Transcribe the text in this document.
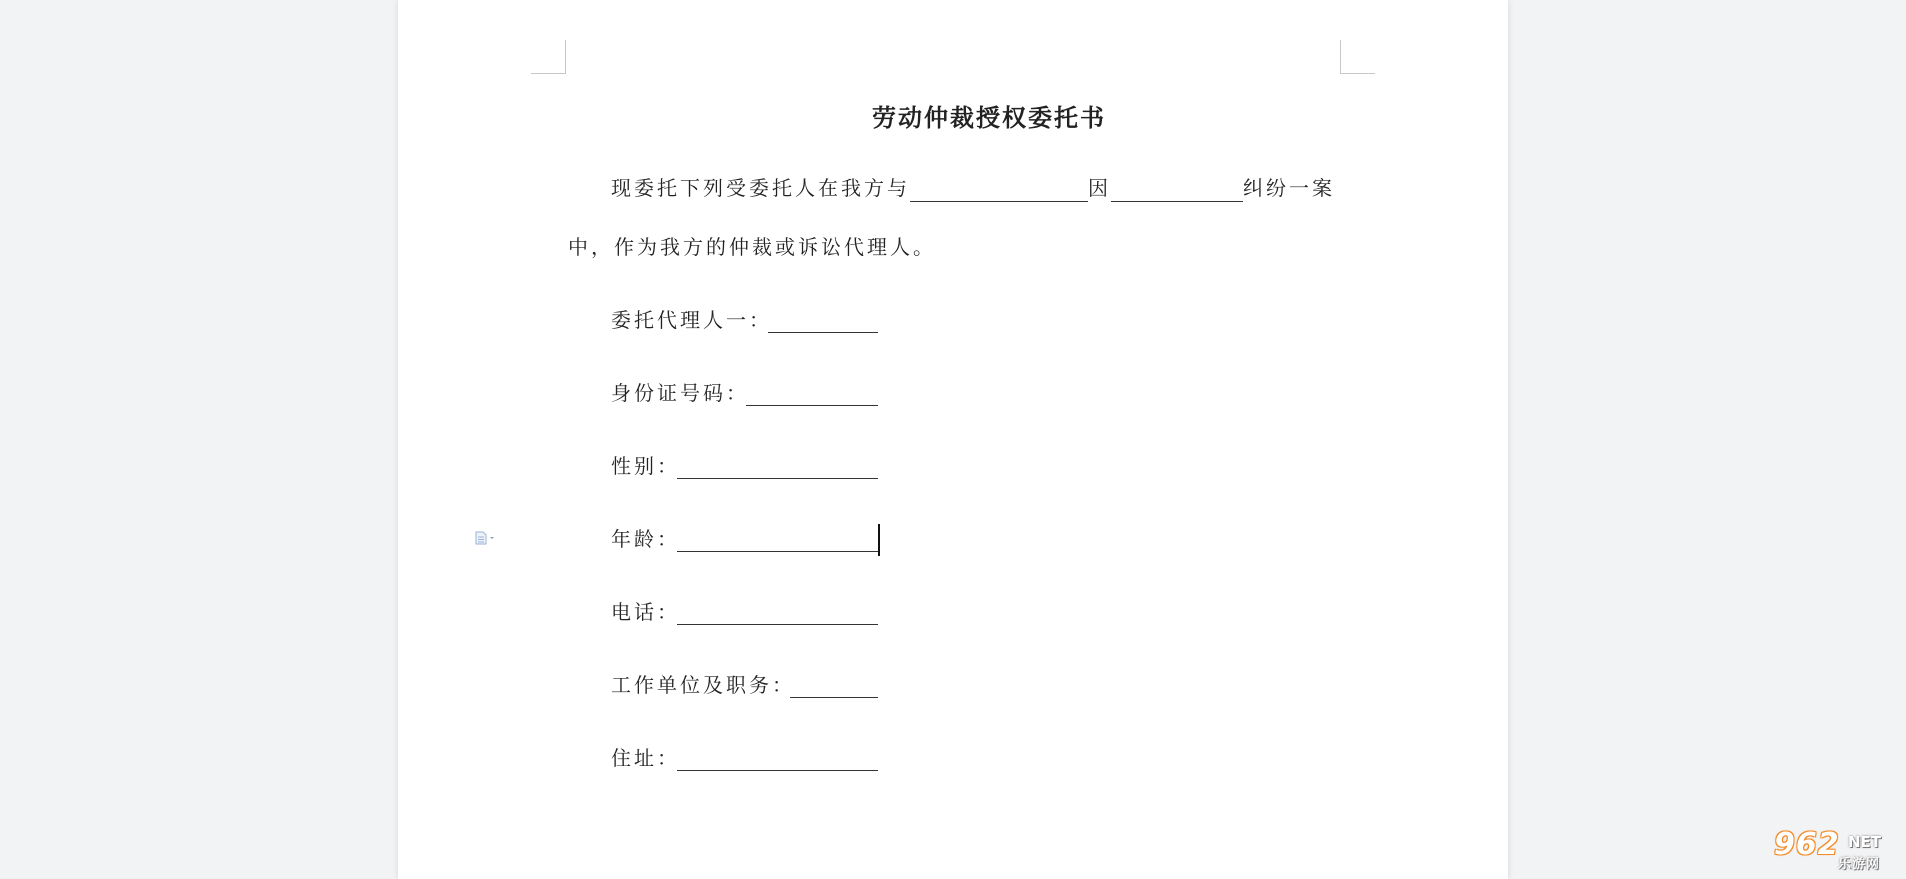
劳动仲裁授权委托书
现委托下列受委托人在我方与	因	纠纷一案
中，作为我方的仲裁或诉讼代理人。
委托代理人一：
身份证号码：
性别：
年龄：
电话：
工作单位及职务：
住址：
962 NET
乐游网
